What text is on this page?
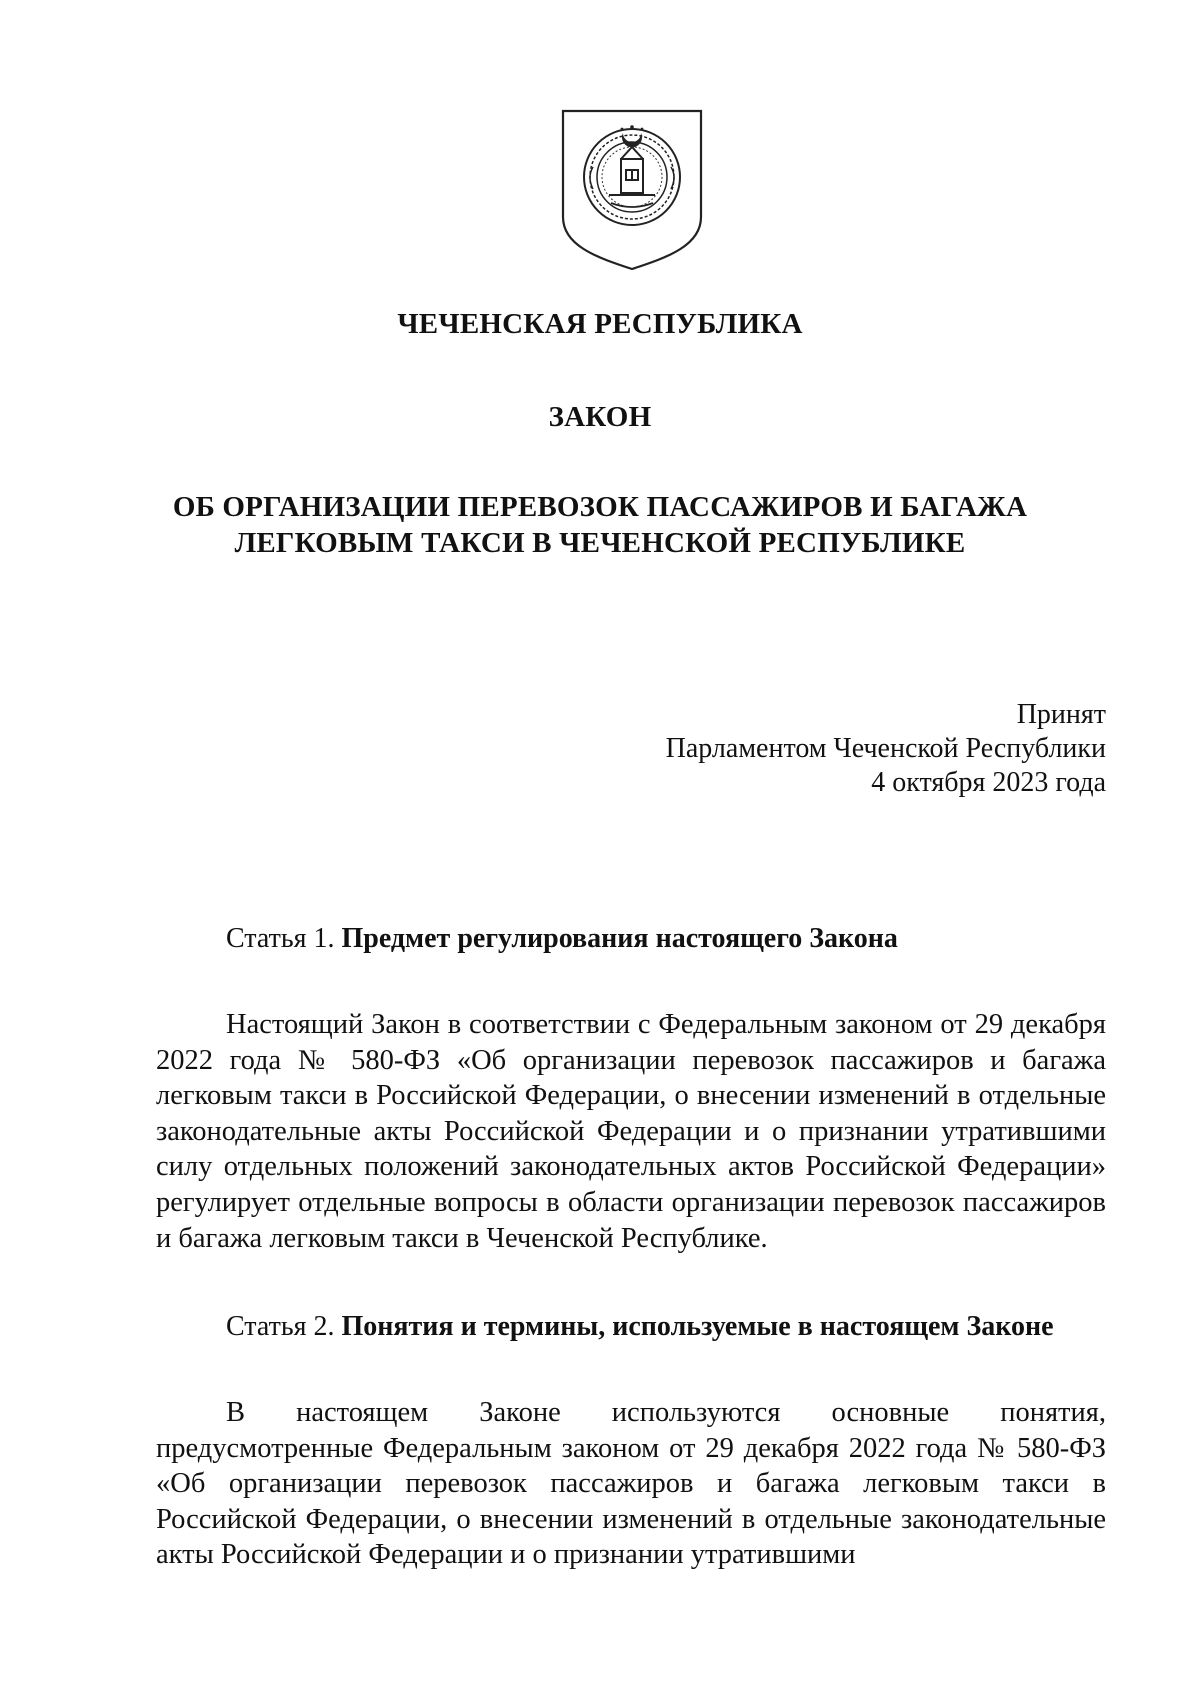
ЧЕЧЕНСКАЯ РЕСПУБЛИКА
ЗАКОН
ОБ ОРГАНИЗАЦИИ ПЕРЕВОЗОК ПАССАЖИРОВ И БАГАЖА
ЛЕГКОВЫМ ТАКСИ В ЧЕЧЕНСКОЙ РЕСПУБЛИКЕ
Принят
Парламентом Чеченской Республики
4 октября 2023 года
Статья 1. Предмет регулирования настоящего Закона

Настоящий Закон в соответствии с Федеральным законом от 29 декабря 2022 года № 580-ФЗ «Об организации перевозок пассажиров и багажа легковым такси в Российской Федерации, о внесении изменений в отдельные законодательные акты Российской Федерации и о признании утратившими силу отдельных положений законодательных актов Российской Федерации» регулирует отдельные вопросы в области организации перевозок пассажиров и багажа легковым такси в Чеченской Республике.

Статья 2. Понятия и термины, используемые в настоящем Законе

В настоящем Законе используются основные понятия, предусмотренные Федеральным законом от 29 декабря 2022 года № 580-ФЗ «Об организации перевозок пассажиров и багажа легковым такси в Российской Федерации, о внесении изменений в отдельные законодательные акты Российской Федерации и о признании утратившими
